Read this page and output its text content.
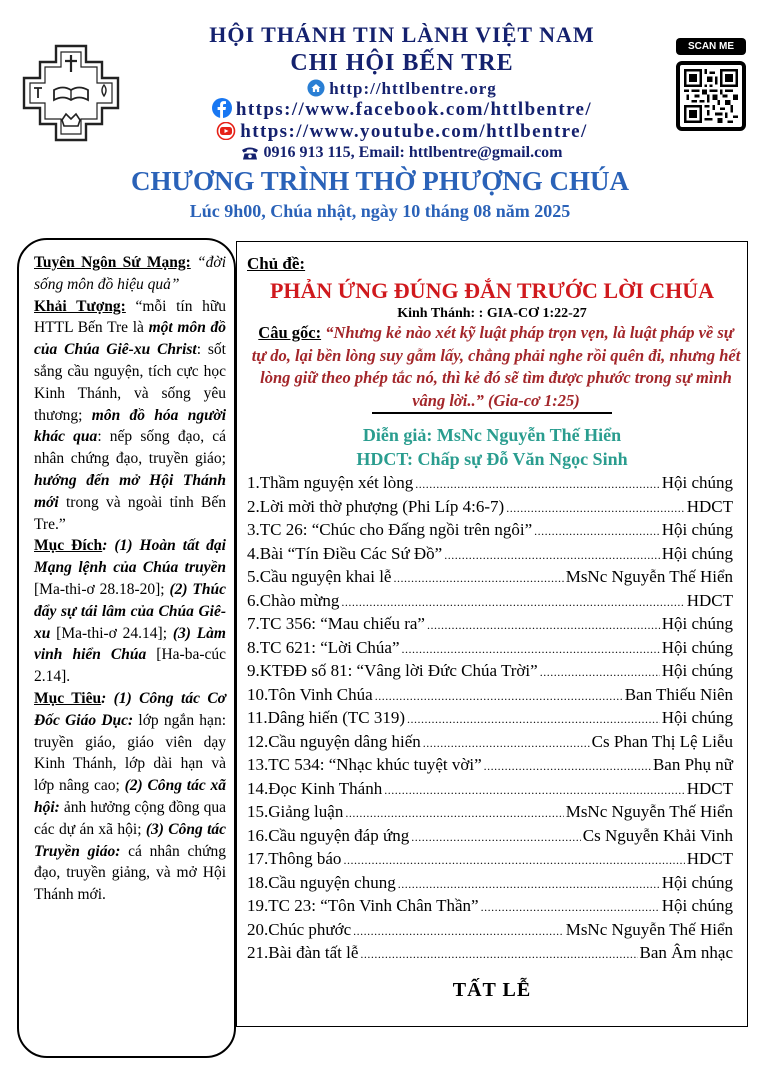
SCAN ME
HỘI THÁNH TIN LÀNH VIỆT NAM
CHI HỘI BẾN TRE
http://httlbentre.org
https://www.facebook.com/httlbentre/
https://www.youtube.com/httlbentre/
0916 913 115, Email: httlbentre@gmail.com
CHƯƠNG TRÌNH THỜ PHƯỢNG CHÚA
Lúc 9h00, Chúa nhật, ngày 10 tháng 08 năm 2025

Tuyên Ngôn Sứ Mạng: “đời sống môn đồ hiệu quả”

Khải Tượng: “mỗi tín hữu HTTL Bến Tre là một môn đồ của Chúa Giê-xu Christ: sốt sắng cầu nguyện, tích cực học Kinh Thánh, và sống yêu thương; môn đồ hóa người khác qua: nếp sống đạo, cá nhân chứng đạo, truyền giáo; hướng đến mở Hội Thánh mới trong và ngoài tỉnh Bến Tre.”

Mục Đích: (1) Hoàn tất đại Mạng lệnh của Chúa truyền [Ma-thi-ơ 28.18-20]; (2) Thúc đẩy sự tái lâm của Chúa Giê-xu [Ma-thi-ơ 24.14]; (3) Làm vinh hiển Chúa [Ha-ba-cúc 2.14].

Mục Tiêu: (1) Công tác Cơ Đốc Giáo Dục: lớp ngắn hạn: truyền giáo, giáo viên dạy Kinh Thánh, lớp dài hạn và lớp nâng cao; (2) Công tác xã hội: ảnh hưởng cộng đồng qua các dự án xã hội; (3) Công tác Truyền giáo: cá nhân chứng đạo, truyền giảng, và mở Hội Thánh mới.

Chủ đề:
PHẢN ỨNG ĐÚNG ĐẮN TRƯỚC LỜI CHÚA
Kinh Thánh: : GIA-CƠ 1:22-27
Câu gốc: “Nhưng kẻ nào xét kỹ luật pháp trọn vẹn, là luật pháp về sự tự do, lại bền lòng suy gẫm lấy, chẳng phải nghe rồi quên đi, nhưng hết lòng giữ theo phép tắc nó, thì kẻ đó sẽ tìm được phước trong sự mình vâng lời..” (Gia-cơ 1:25)
Diễn giả: MsNc Nguyễn Thế Hiển
HDCT: Chấp sự Đỗ Văn Ngọc Sinh
1. Thầm nguyện xét lòng .....	Hội chúng
2. Lời mời thờ phượng (Phi Líp 4:6-7) .....	HDCT
3. TC 26: “Chúc cho Đấng ngồi trên ngôi” .....	Hội chúng
4. Bài “Tín Điều Các Sứ Đồ” .....	Hội chúng
5. Cầu nguyện khai lễ .....	MsNc Nguyễn Thế Hiển
6. Chào mừng .....	HDCT
7. TC 356: “Mau chiếu ra” .....	Hội chúng
8. TC 621: “Lời Chúa” .....	Hội chúng
9. KTĐĐ số 81: “Vâng lời Đức Chúa Trời” .....	Hội chúng
10. Tôn Vinh Chúa .....	Ban Thiếu Niên
11. Dâng hiến (TC 319) .....	Hội chúng
12. Cầu nguyện dâng hiến .....	Cs Phan Thị Lệ Liễu
13. TC 534: “Nhạc khúc tuyệt vời” .....	Ban Phụ nữ
14. Đọc Kinh Thánh .....	HDCT
15. Giảng luận .....	MsNc Nguyễn Thế Hiển
16. Cầu nguyện đáp ứng .....	Cs Nguyễn Khải Vinh
17. Thông báo .....	HDCT
18. Cầu nguyện chung .....	Hội chúng
19. TC 23: “Tôn Vinh Chân Thần” .....	Hội chúng
20. Chúc phước .....	MsNc Nguyễn Thế Hiển
21. Bài đàn tất lễ .....	Ban Âm nhạc
TẤT LỄ
